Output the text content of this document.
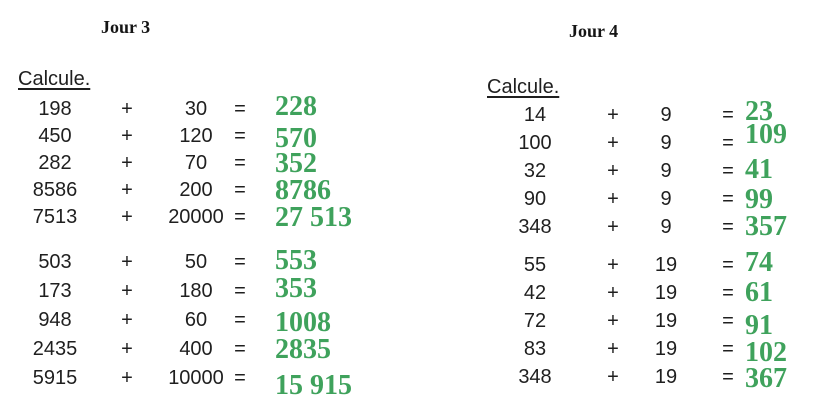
Jour 3	Jour 4
Calcule.	Calcule.
198	+	30	= 228
450	+	120	= 570
282	+	70	= 352
8586	+	200	= 8786
7513	+	20000 = 27 513
503	+	50	= 553
173	+	180	= 353
948	+	60	= 1008
2435	+	400	= 2835
5915	+	10000 = 15 915
14	+	9	= 23
100	+	9	= 109
32	+	9	= 41
90	+	9	= 99
348	+	9	= 357
55	+	19	= 74
42	+	19	= 61
72	+	19	= 91
83	+	19	= 102
348	+	19	= 367
